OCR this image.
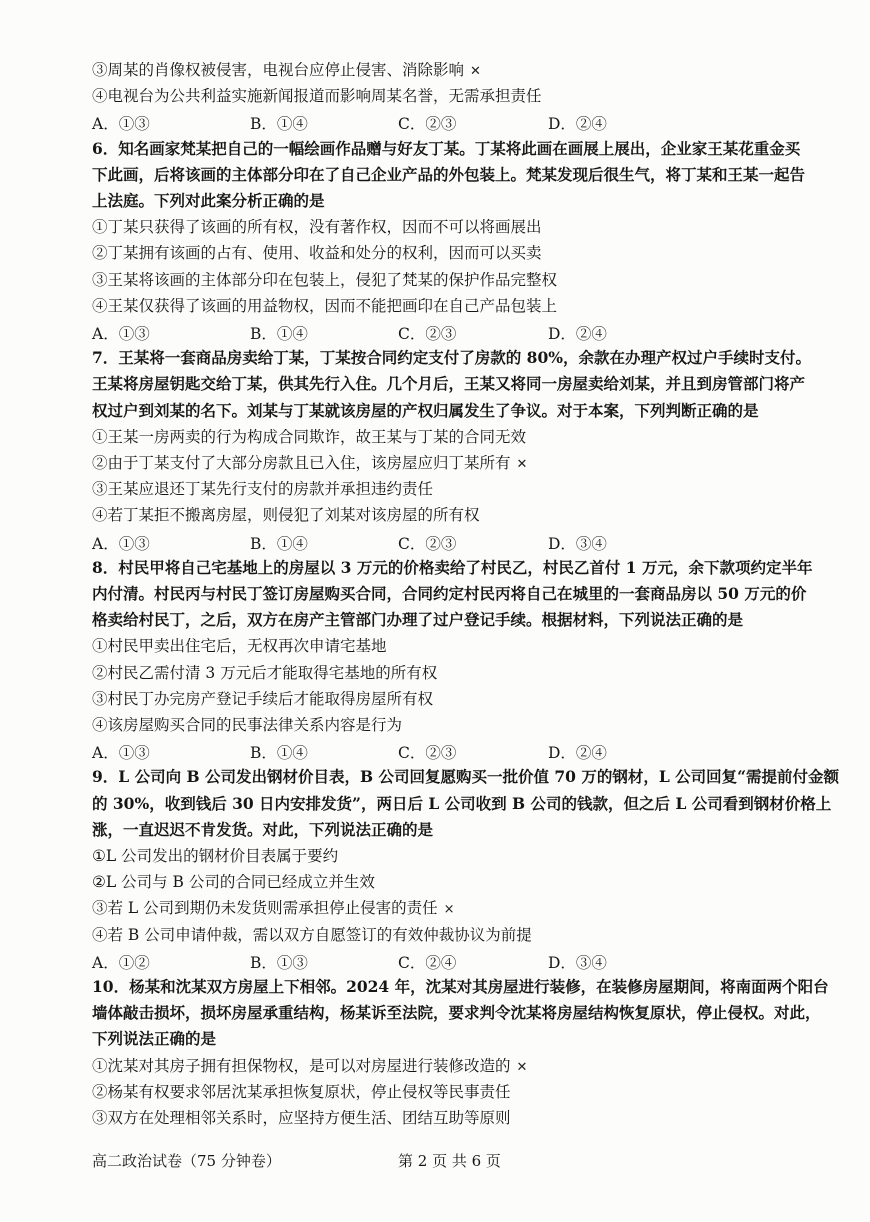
③周某的肖像权被侵害，电视台应停止侵害、消除影响 ✕
④电视台为公共利益实施新闻报道而影响周某名誉，无需承担责任
A．①③	B．①④	C．②③	D．②④
6．知名画家梵某把自己的一幅绘画作品赠与好友丁某。丁某将此画在画展上展出，企业家王某花重金买
下此画，后将该画的主体部分印在了自己企业产品的外包装上。梵某发现后很生气，将丁某和王某一起告
上法庭。下列对此案分析正确的是
①丁某只获得了该画的所有权，没有著作权，因而不可以将画展出
②丁某拥有该画的占有、使用、收益和处分的权利，因而可以买卖
③王某将该画的主体部分印在包装上，侵犯了梵某的保护作品完整权
④王某仅获得了该画的用益物权，因而不能把画印在自己产品包装上
A．①③	B．①④	C．②③	D．②④
7．王某将一套商品房卖给丁某，丁某按合同约定支付了房款的 80%，余款在办理产权过户手续时支付。
王某将房屋钥匙交给丁某，供其先行入住。几个月后，王某又将同一房屋卖给刘某，并且到房管部门将产
权过户到刘某的名下。刘某与丁某就该房屋的产权归属发生了争议。对于本案，下列判断正确的是
①王某一房两卖的行为构成合同欺诈，故王某与丁某的合同无效
②由于丁某支付了大部分房款且已入住，该房屋应归丁某所有 ✕
③王某应退还丁某先行支付的房款并承担违约责任
④若丁某拒不搬离房屋，则侵犯了刘某对该房屋的所有权
A．①③	B．①④	C．②③	D．③④
8．村民甲将自己宅基地上的房屋以 3 万元的价格卖给了村民乙，村民乙首付 1 万元，余下款项约定半年
内付清。村民丙与村民丁签订房屋购买合同，合同约定村民丙将自己在城里的一套商品房以 50 万元的价
格卖给村民丁，之后，双方在房产主管部门办理了过户登记手续。根据材料，下列说法正确的是
①村民甲卖出住宅后，无权再次申请宅基地
②村民乙需付清 3 万元后才能取得宅基地的所有权
③村民丁办完房产登记手续后才能取得房屋所有权
④该房屋购买合同的民事法律关系内容是行为
A．①③	B．①④	C．②③	D．②④
9．L 公司向 B 公司发出钢材价目表，B 公司回复愿购买一批价值 70 万的钢材，L 公司回复“需提前付金额
的 30%，收到钱后 30 日内安排发货”，两日后 L 公司收到 B 公司的钱款，但之后 L 公司看到钢材价格上
涨，一直迟迟不肯发货。对此，下列说法正确的是
①L 公司发出的钢材价目表属于要约
②L 公司与 B 公司的合同已经成立并生效
③若 L 公司到期仍未发货则需承担停止侵害的责任 ×
④若 B 公司申请仲裁，需以双方自愿签订的有效仲裁协议为前提
A．①②	B．①③	C．②④	D．③④
10．杨某和沈某双方房屋上下相邻。2024 年，沈某对其房屋进行装修，在装修房屋期间，将南面两个阳台
墙体敲击损坏，损坏房屋承重结构，杨某诉至法院，要求判令沈某将房屋结构恢复原状，停止侵权。对此，
下列说法正确的是
①沈某对其房子拥有担保物权，是可以对房屋进行装修改造的 ✕
②杨某有权要求邻居沈某承担恢复原状，停止侵权等民事责任
③双方在处理相邻关系时，应坚持方便生活、团结互助等原则
高二政治试卷（75 分钟卷）	第 2 页 共 6 页
